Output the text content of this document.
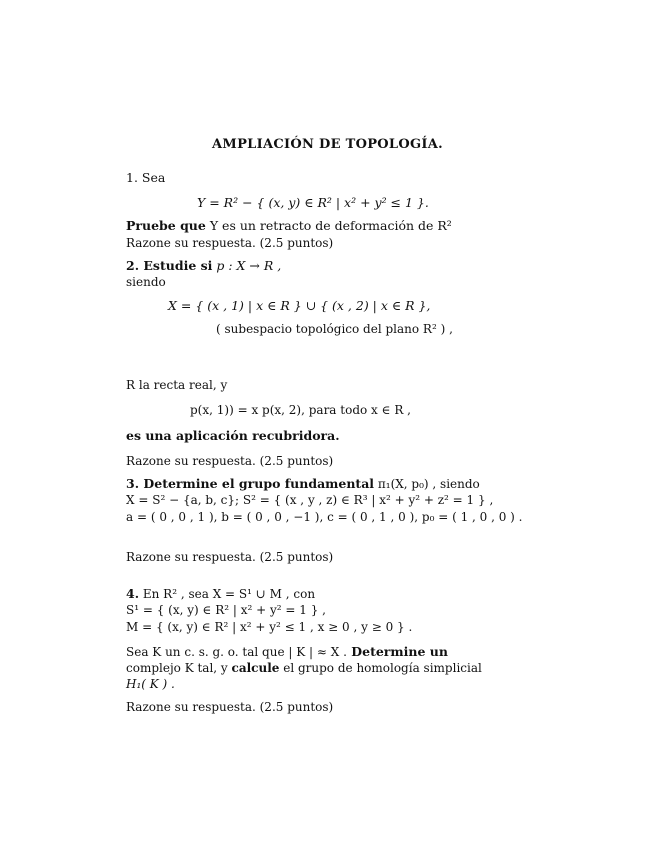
AMPLIACIÓN DE TOPOLOGÍA.
1. Sea
Y = R² − { (x, y) ∈ R² | x² + y² ≤ 1 }.
Pruebe que Y es un retracto de deformación de R²
Razone su respuesta. (2.5 puntos)
2. Estudie si p : X → R ,
siendo
X = { (x , 1) | x ∈ R } ∪ { (x , 2) | x ∈ R },
( subespacio topológico del plano R² ) ,
R la recta real, y
p(x, 1)) = x p(x, 2), para todo x ∈ R ,
es una aplicación recubridora.
Razone su respuesta. (2.5 puntos)
3. Determine el grupo fundamental π₁(X, p₀) , siendo
X = S² − {a, b, c}; S² = { (x , y , z) ∈ R³ | x² + y² + z² = 1 } ,
a = ( 0 , 0 , 1 ), b = ( 0 , 0 , −1 ), c = ( 0 , 1 , 0 ), p₀ = ( 1 , 0 , 0 ) .
Razone su respuesta. (2.5 puntos)
4. En R² , sea X = S¹ ∪ M , con
S¹ = { (x, y) ∈ R² | x² + y² = 1 } ,
M = { (x, y) ∈ R² | x² + y² ≤ 1 , x ≥ 0 , y ≥ 0 } .
Sea K un c. s. g. o. tal que | K | ≈ X . Determine un
complejo K tal, y calcule el grupo de homología simplicial
H₁( K ) .
Razone su respuesta. (2.5 puntos)
